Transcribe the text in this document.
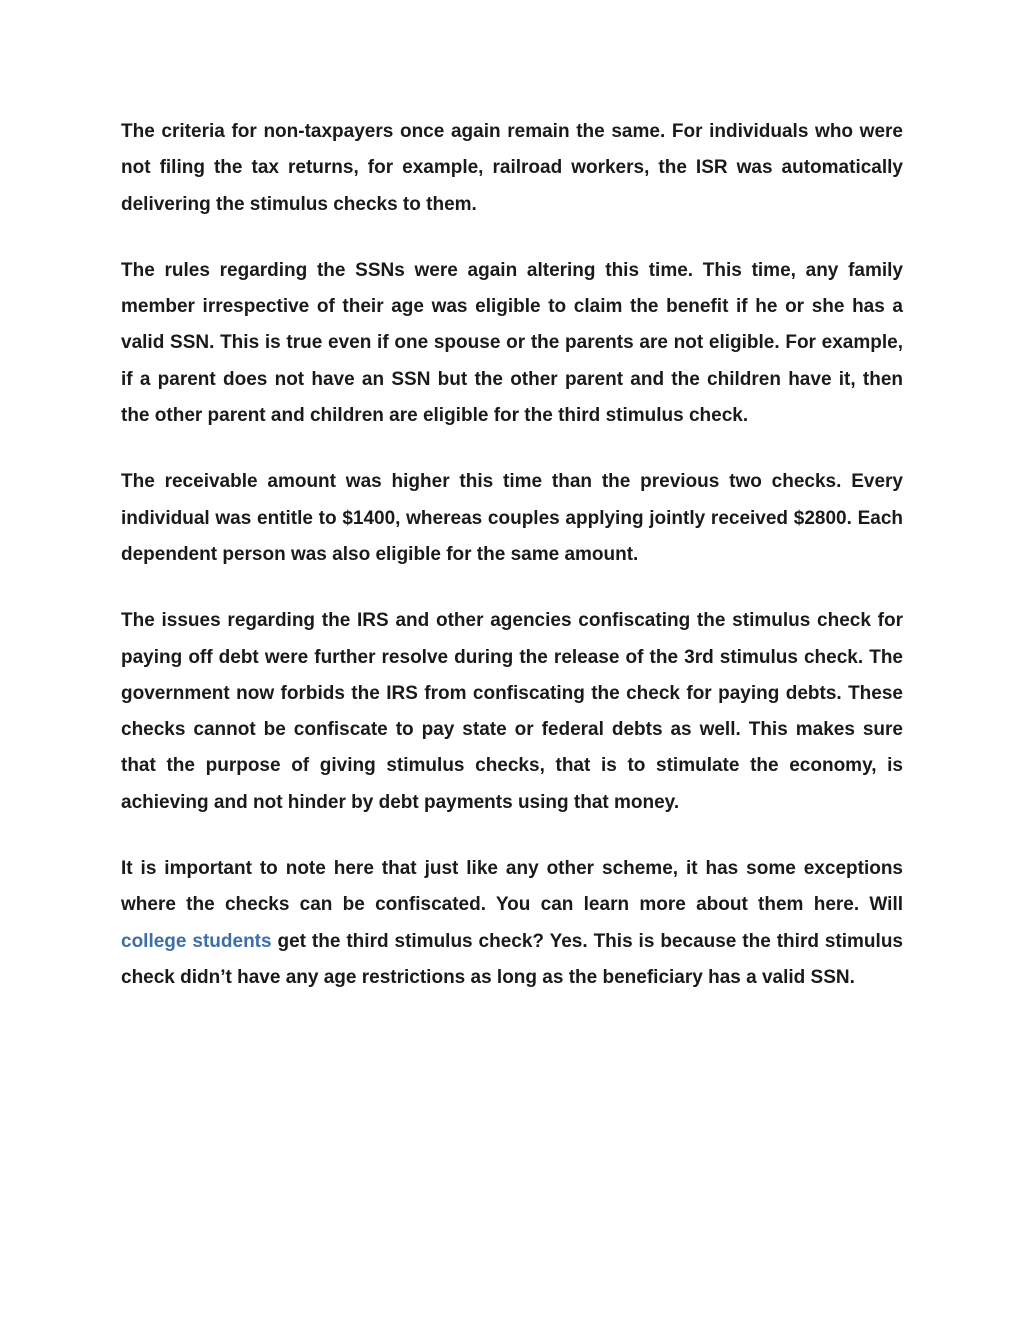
The criteria for non-taxpayers once again remain the same. For individuals who were not filing the tax returns, for example, railroad workers, the ISR was automatically delivering the stimulus checks to them.

The rules regarding the SSNs were again altering this time. This time, any family member irrespective of their age was eligible to claim the benefit if he or she has a valid SSN. This is true even if one spouse or the parents are not eligible. For example, if a parent does not have an SSN but the other parent and the children have it, then the other parent and children are eligible for the third stimulus check.

The receivable amount was higher this time than the previous two checks. Every individual was entitle to $1400, whereas couples applying jointly received $2800. Each dependent person was also eligible for the same amount.

The issues regarding the IRS and other agencies confiscating the stimulus check for paying off debt were further resolve during the release of the 3rd stimulus check. The government now forbids the IRS from confiscating the check for paying debts. These checks cannot be confiscate to pay state or federal debts as well. This makes sure that the purpose of giving stimulus checks, that is to stimulate the economy, is achieving and not hinder by debt payments using that money.

It is important to note here that just like any other scheme, it has some exceptions where the checks can be confiscated. You can learn more about them here. Will college students get the third stimulus check? Yes. This is because the third stimulus check didn’t have any age restrictions as long as the beneficiary has a valid SSN.
